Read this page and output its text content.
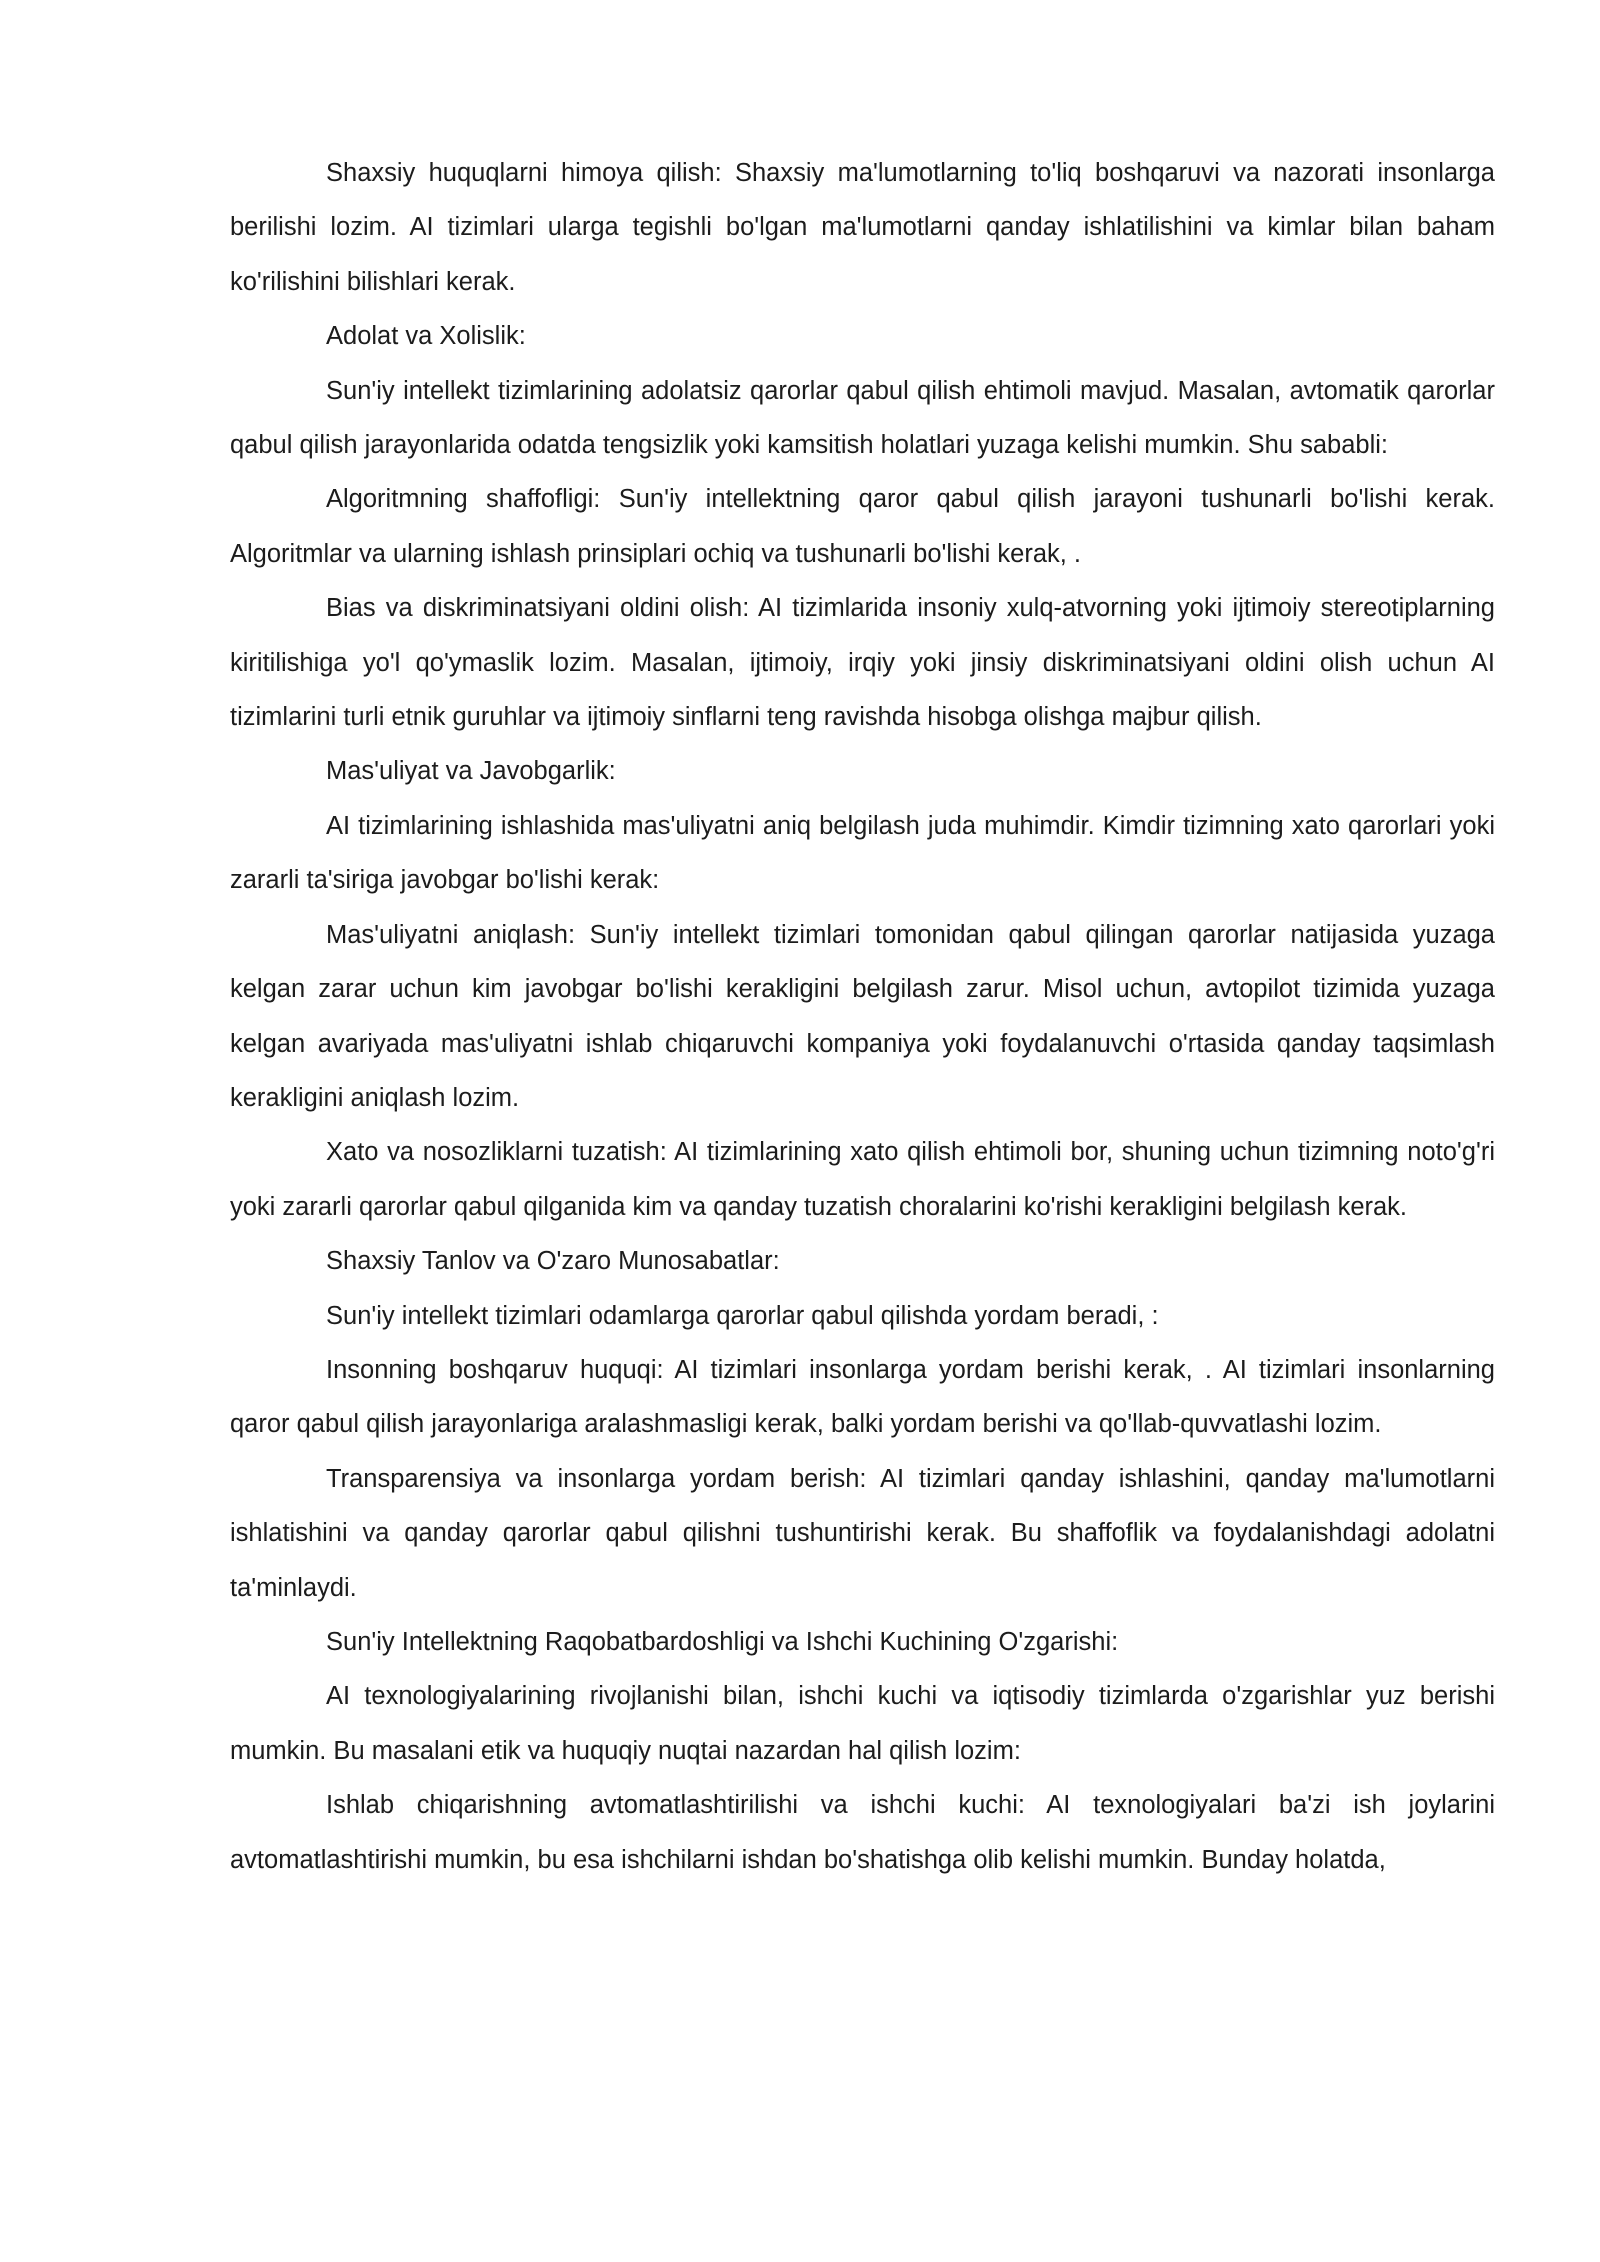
Shaxsiy huquqlarni himoya qilish: Shaxsiy ma'lumotlarning to'liq boshqaruvi va nazorati insonlarga berilishi lozim. AI tizimlari ularga tegishli bo'lgan ma'lumotlarni qanday ishlatilishini va kimlar bilan baham ko'rilishini bilishlari kerak.

Adolat va Xolislik:

Sun'iy intellekt tizimlarining adolatsiz qarorlar qabul qilish ehtimoli mavjud. Masalan, avtomatik qarorlar qabul qilish jarayonlarida odatda tengsizlik yoki kamsitish holatlari yuzaga kelishi mumkin. Shu sababli:

Algoritmning shaffofligi: Sun'iy intellektning qaror qabul qilish jarayoni tushunarli bo'lishi kerak. Algoritmlar va ularning ishlash prinsiplari ochiq va tushunarli bo'lishi kerak, .

Bias va diskriminatsiyani oldini olish: AI tizimlarida insoniy xulq-atvorning yoki ijtimoiy stereotiplarning kiritilishiga yo'l qo'ymaslik lozim. Masalan, ijtimoiy, irqiy yoki jinsiy diskriminatsiyani oldini olish uchun AI tizimlarini turli etnik guruhlar va ijtimoiy sinflarni teng ravishda hisobga olishga majbur qilish.

Mas'uliyat va Javobgarlik:

AI tizimlarining ishlashida mas'uliyatni aniq belgilash juda muhimdir. Kimdir tizimning xato qarorlari yoki zararli ta'siriga javobgar bo'lishi kerak:

Mas'uliyatni aniqlash: Sun'iy intellekt tizimlari tomonidan qabul qilingan qarorlar natijasida yuzaga kelgan zarar uchun kim javobgar bo'lishi kerakligini belgilash zarur. Misol uchun, avtopilot tizimida yuzaga kelgan avariyada mas'uliyatni ishlab chiqaruvchi kompaniya yoki foydalanuvchi o'rtasida qanday taqsimlash kerakligini aniqlash lozim.

Xato va nosozliklarni tuzatish: AI tizimlarining xato qilish ehtimoli bor, shuning uchun tizimning noto'g'ri yoki zararli qarorlar qabul qilganida kim va qanday tuzatish choralarini ko'rishi kerakligini belgilash kerak.

Shaxsiy Tanlov va O'zaro Munosabatlar:

Sun'iy intellekt tizimlari odamlarga qarorlar qabul qilishda yordam beradi, :

Insonning boshqaruv huquqi: AI tizimlari insonlarga yordam berishi kerak, . AI tizimlari insonlarning qaror qabul qilish jarayonlariga aralashmasligi kerak, balki yordam berishi va qo'llab-quvvatlashi lozim.

Transparensiya va insonlarga yordam berish: AI tizimlari qanday ishlashini, qanday ma'lumotlarni ishlatishini va qanday qarorlar qabul qilishni tushuntirishi kerak. Bu shaffoflik va foydalanishdagi adolatni ta'minlaydi.

Sun'iy Intellektning Raqobatbardoshligi va Ishchi Kuchining O'zgarishi:

AI texnologiyalarining rivojlanishi bilan, ishchi kuchi va iqtisodiy tizimlarda o'zgarishlar yuz berishi mumkin. Bu masalani etik va huquqiy nuqtai nazardan hal qilish lozim:

Ishlab chiqarishning avtomatlashtirilishi va ishchi kuchi: AI texnologiyalari ba'zi ish joylarini avtomatlashtirishi mumkin, bu esa ishchilarni ishdan bo'shatishga olib kelishi mumkin. Bunday holatda,
